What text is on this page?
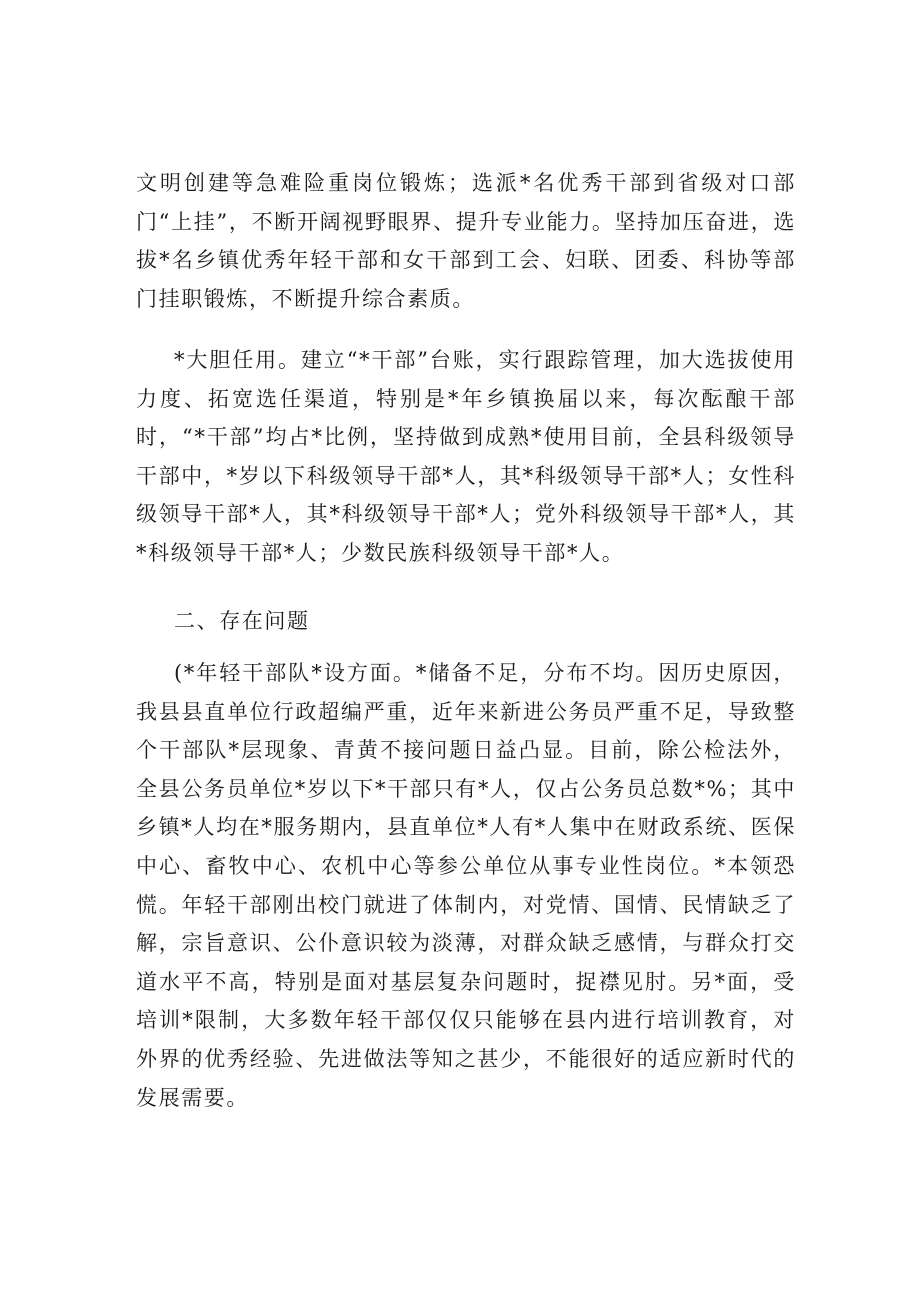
文明创建等急难险重岗位锻炼；选派*名优秀干部到省级对口部门“上挂”，不断开阔视野眼界、提升专业能力。坚持加压奋进，选拔*名乡镇优秀年轻干部和女干部到工会、妇联、团委、科协等部门挂职锻炼，不断提升综合素质。

*大胆任用。建立“*干部”台账，实行跟踪管理，加大选拔使用力度、拓宽选任渠道，特别是*年乡镇换届以来，每次酝酿干部时，“*干部”均占*比例，坚持做到成熟*使用目前，全县科级领导干部中，*岁以下科级领导干部*人，其*科级领导干部*人；女性科级领导干部*人，其*科级领导干部*人；党外科级领导干部*人，其*科级领导干部*人；少数民族科级领导干部*人。

二、存在问题

(*年轻干部队*设方面。*储备不足，分布不均。因历史原因，我县县直单位行政超编严重，近年来新进公务员严重不足，导致整个干部队*层现象、青黄不接问题日益凸显。目前，除公检法外，全县公务员单位*岁以下*干部只有*人，仅占公务员总数*%；其中乡镇*人均在*服务期内，县直单位*人有*人集中在财政系统、医保中心、畜牧中心、农机中心等参公单位从事专业性岗位。*本领恐慌。年轻干部刚出校门就进了体制内，对党情、国情、民情缺乏了解，宗旨意识、公仆意识较为淡薄，对群众缺乏感情，与群众打交道水平不高，特别是面对基层复杂问题时，捉襟见肘。另*面，受培训*限制，大多数年轻干部仅仅只能够在县内进行培训教育，对外界的优秀经验、先进做法等知之甚少，不能很好的适应新时代的发展需要。
